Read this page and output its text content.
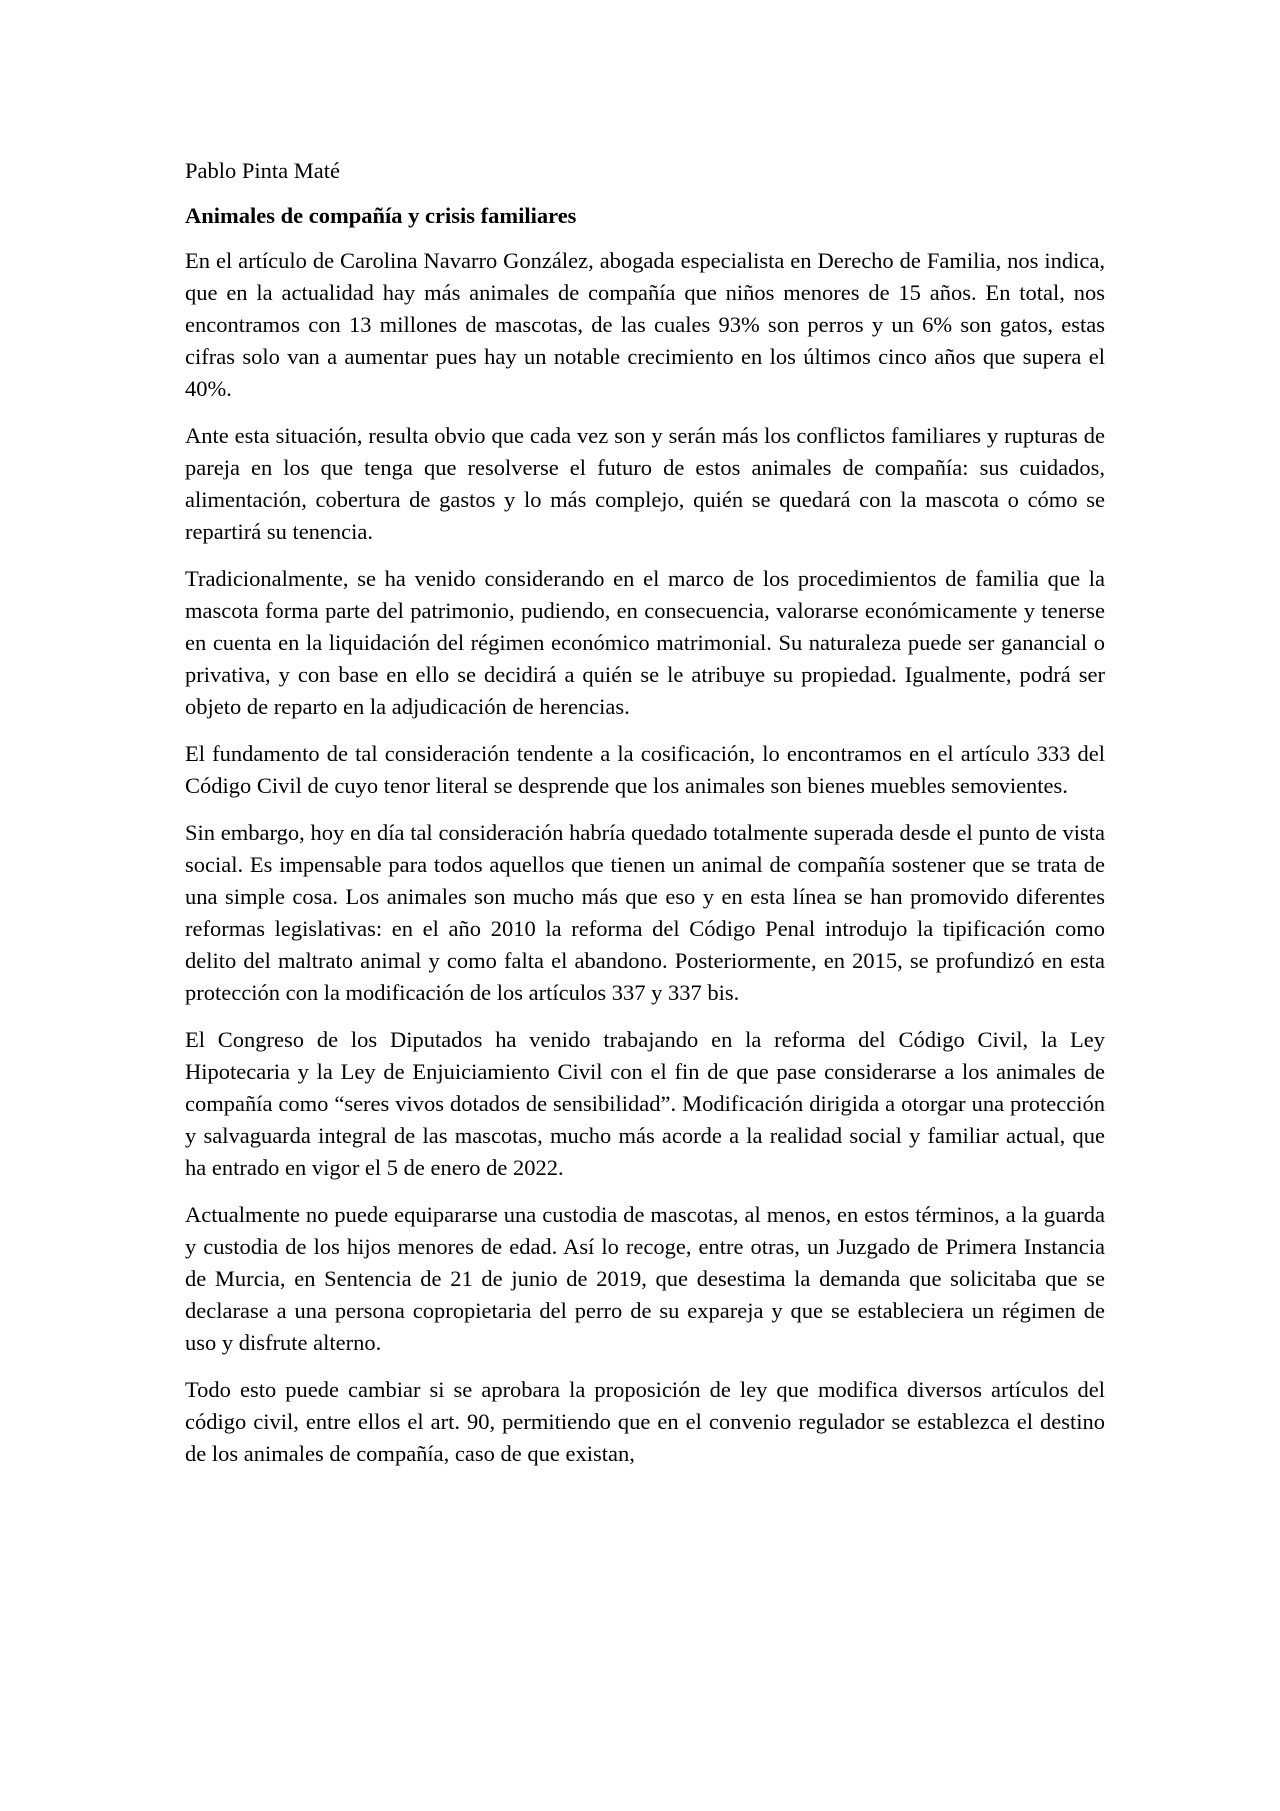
Pablo Pinta Maté

Animales de compañía y crisis familiares

En el artículo de Carolina Navarro González, abogada especialista en Derecho de Familia, nos indica, que en la actualidad hay más animales de compañía que niños menores de 15 años. En total, nos encontramos con 13 millones de mascotas, de las cuales 93% son perros y un 6% son gatos, estas cifras solo van a aumentar pues hay un notable crecimiento en los últimos cinco años que supera el 40%.

Ante esta situación, resulta obvio que cada vez son y serán más los conflictos familiares y rupturas de pareja en los que tenga que resolverse el futuro de estos animales de compañía: sus cuidados, alimentación, cobertura de gastos y lo más complejo, quién se quedará con la mascota o cómo se repartirá su tenencia.

Tradicionalmente, se ha venido considerando en el marco de los procedimientos de familia que la mascota forma parte del patrimonio, pudiendo, en consecuencia, valorarse económicamente y tenerse en cuenta en la liquidación del régimen económico matrimonial. Su naturaleza puede ser ganancial o privativa, y con base en ello se decidirá a quién se le atribuye su propiedad. Igualmente, podrá ser objeto de reparto en la adjudicación de herencias.

El fundamento de tal consideración tendente a la cosificación, lo encontramos en el artículo 333 del Código Civil de cuyo tenor literal se desprende que los animales son bienes muebles semovientes.

Sin embargo, hoy en día tal consideración habría quedado totalmente superada desde el punto de vista social. Es impensable para todos aquellos que tienen un animal de compañía sostener que se trata de una simple cosa. Los animales son mucho más que eso y en esta línea se han promovido diferentes reformas legislativas: en el año 2010 la reforma del Código Penal introdujo la tipificación como delito del maltrato animal y como falta el abandono. Posteriormente, en 2015, se profundizó en esta protección con la modificación de los artículos 337 y 337 bis.

El Congreso de los Diputados ha venido trabajando en la reforma del Código Civil, la Ley Hipotecaria y la Ley de Enjuiciamiento Civil con el fin de que pase considerarse a los animales de compañía como “seres vivos dotados de sensibilidad”. Modificación dirigida a otorgar una protección y salvaguarda integral de las mascotas, mucho más acorde a la realidad social y familiar actual, que ha entrado en vigor el 5 de enero de 2022.

Actualmente no puede equipararse una custodia de mascotas, al menos, en estos términos, a la guarda y custodia de los hijos menores de edad. Así lo recoge, entre otras, un Juzgado de Primera Instancia de Murcia, en Sentencia de 21 de junio de 2019, que desestima la demanda que solicitaba que se declarase a una persona copropietaria del perro de su expareja y que se estableciera un régimen de uso y disfrute alterno.

Todo esto puede cambiar si se aprobara la proposición de ley que modifica diversos artículos del código civil, entre ellos el art. 90, permitiendo que en el convenio regulador se establezca el destino de los animales de compañía, caso de que existan,
